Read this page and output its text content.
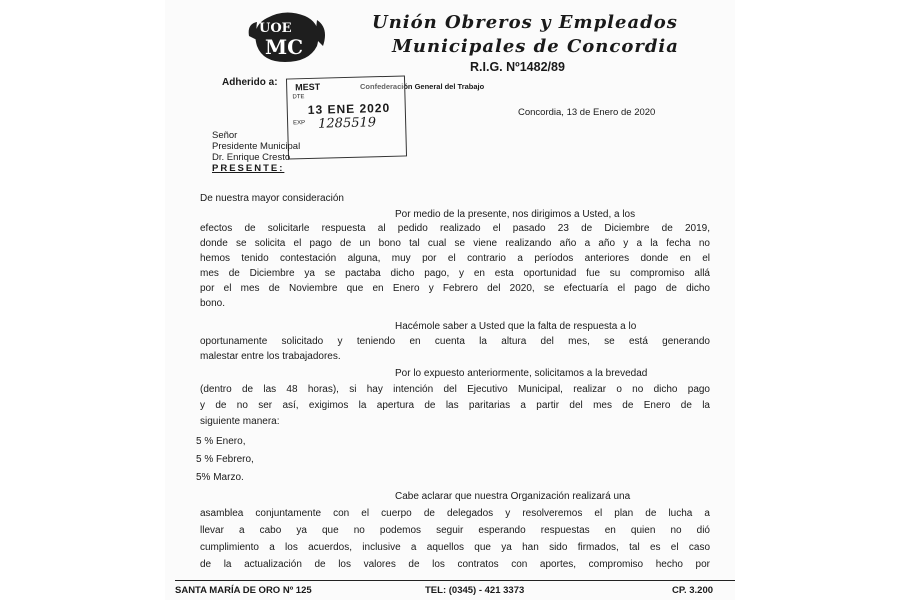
UOE
MC
Unión Obreros y Empleados
Municipales de Concordia
R.I.G. Nº1482/89
Adherido a:	Confederación General del Trabajo
MEST
DTE
13 ENE 2020
EXP 1285519
Concordia, 13 de Enero de 2020
Señor
Presidente Municipal
Dr. Enrique Cresto
PRESENTE:
De nuestra mayor consideración
Por medio de la presente, nos dirigimos a Usted, a los
efectos de solicitarle respuesta al pedido realizado el pasado 23 de Diciembre de 2019,
donde se solicita el pago de un bono tal cual se viene realizando año a año y a la fecha no
hemos tenido contestación alguna, muy por el contrario a períodos anteriores donde en el
mes de Diciembre ya se pactaba dicho pago, y en esta oportunidad fue su compromiso allá
por el mes de Noviembre que en Enero y Febrero del 2020, se efectuaría el pago de dicho
bono.
Hacémole saber a Usted que la falta de respuesta a lo
oportunamente solicitado y teniendo en cuenta la altura del mes, se está generando
malestar entre los trabajadores.
Por lo expuesto anteriormente, solicitamos a la brevedad
(dentro de las 48 horas), si hay intención del Ejecutivo Municipal, realizar o no dicho pago
y de no ser así, exigimos la apertura de las paritarias a partir del mes de Enero de la
siguiente manera:
5 % Enero,
5 % Febrero,
5% Marzo.
Cabe aclarar que nuestra Organización realizará una
asamblea conjuntamente con el cuerpo de delegados y resolveremos el plan de lucha a
llevar a cabo ya que no podemos seguir esperando respuestas en quien no dió
cumplimiento a los acuerdos, inclusive a aquellos que ya han sido firmados, tal es el caso
de la actualización de los valores de los contratos con aportes, compromiso hecho por
SANTA MARÍA DE ORO Nº 125	TEL: (0345) - 421 3373	CP. 3.200
